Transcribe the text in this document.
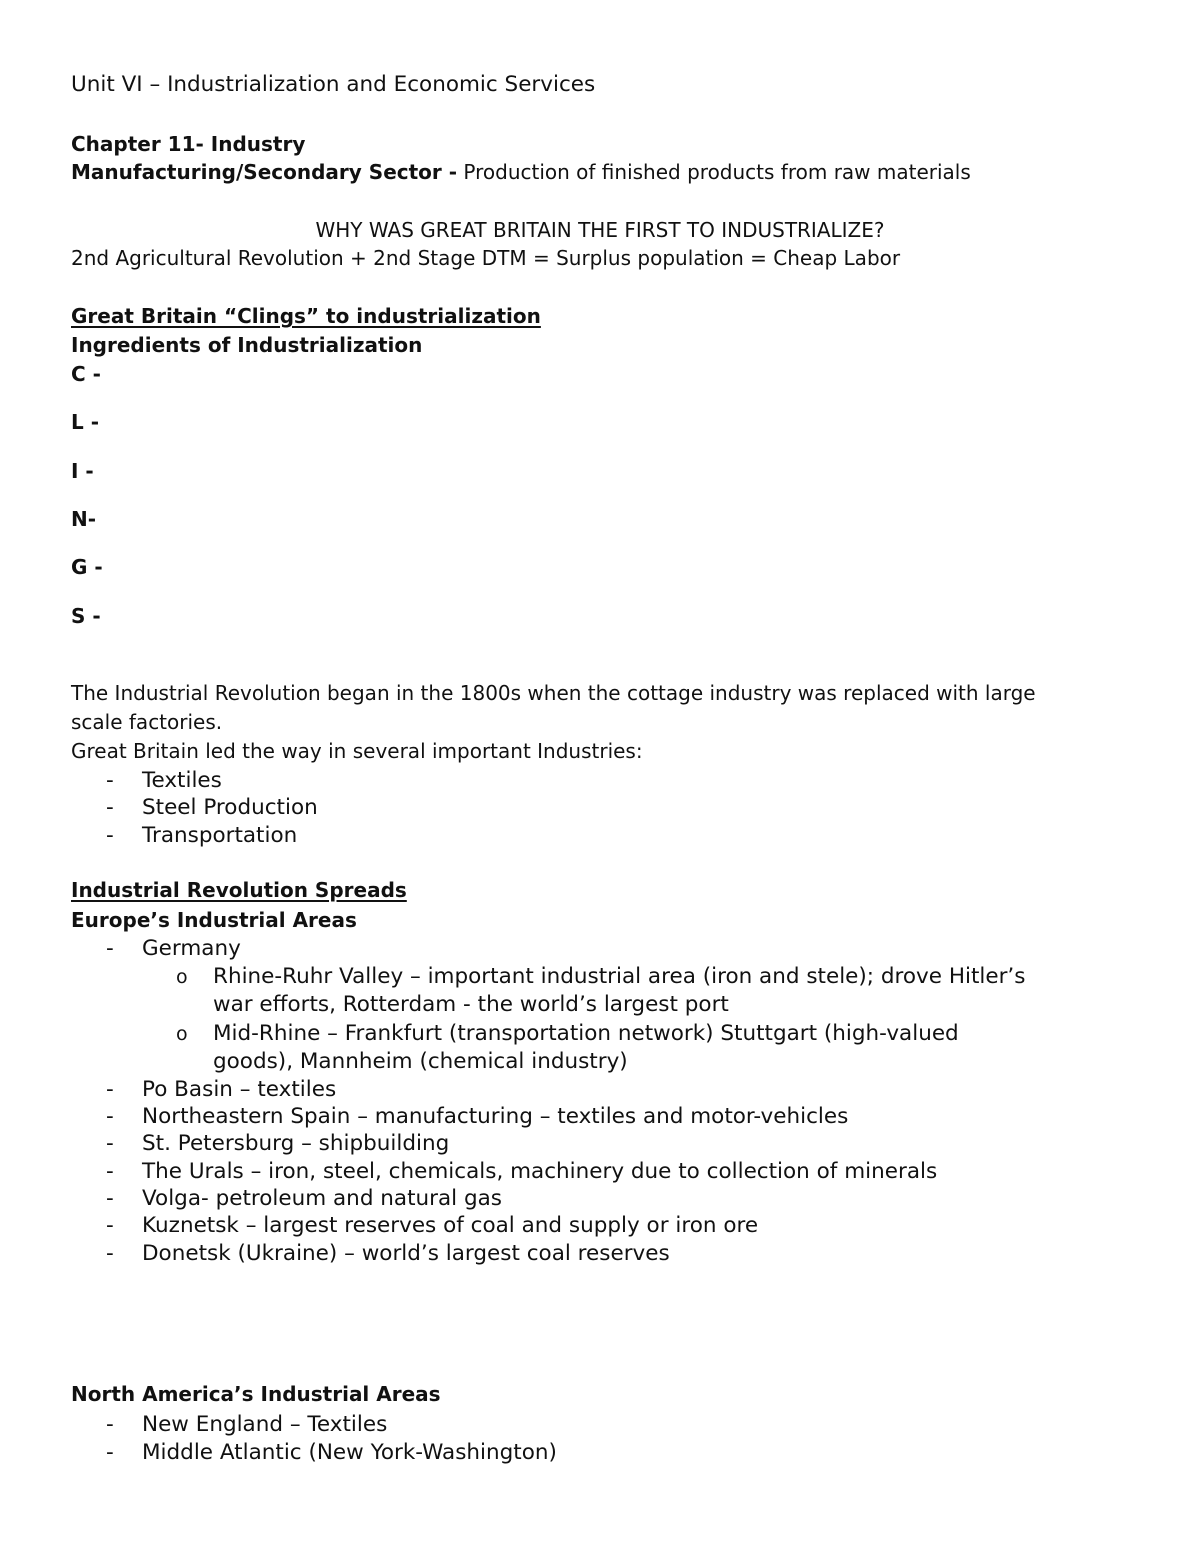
Unit VI – Industrialization and Economic Services
Chapter 11- Industry
Manufacturing/Secondary Sector - Production of finished products from raw materials
WHY WAS GREAT BRITAIN THE FIRST TO INDUSTRIALIZE?
2nd Agricultural Revolution + 2nd Stage DTM = Surplus population = Cheap Labor
Great Britain “Clings” to industrialization
Ingredients of Industrialization
C -
L -
I -
N-
G -
S -
The Industrial Revolution began in the 1800s when the cottage industry was replaced with large
scale factories.
Great Britain led the way in several important Industries:
- Textiles
- Steel Production
- Transportation
Industrial Revolution Spreads
Europe’s Industrial Areas
- Germany
o Rhine-Ruhr Valley – important industrial area (iron and stele); drove Hitler’s
war efforts, Rotterdam - the world’s largest port
o Mid-Rhine – Frankfurt (transportation network) Stuttgart (high-valued
goods), Mannheim (chemical industry)
- Po Basin – textiles
- Northeastern Spain – manufacturing – textiles and motor-vehicles
- St. Petersburg – shipbuilding
- The Urals – iron, steel, chemicals, machinery due to collection of minerals
- Volga- petroleum and natural gas
- Kuznetsk – largest reserves of coal and supply or iron ore
- Donetsk (Ukraine) – world’s largest coal reserves
North America’s Industrial Areas
- New England – Textiles
- Middle Atlantic (New York-Washington)
